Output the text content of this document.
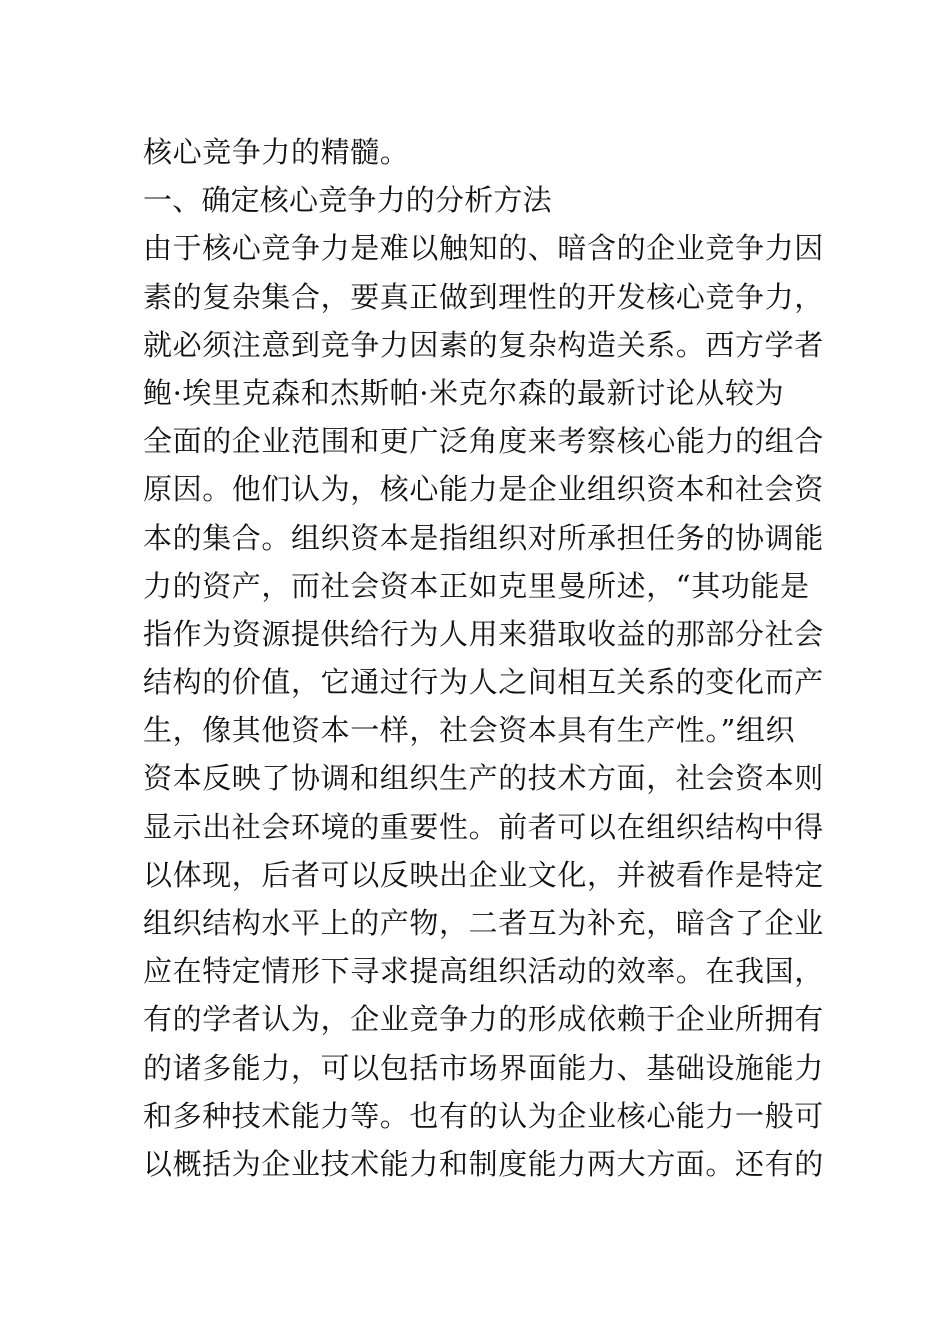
核心竞争力的精髓。
一、确定核心竞争力的分析方法
由于核心竞争力是难以触知的、暗含的企业竞争力因
素的复杂集合，要真正做到理性的开发核心竞争力，
就必须注意到竞争力因素的复杂构造关系。西方学者
鲍·埃里克森和杰斯帕·米克尔森的最新讨论从较为
全面的企业范围和更广泛角度来考察核心能力的组合
原因。他们认为，核心能力是企业组织资本和社会资
本的集合。组织资本是指组织对所承担任务的协调能
力的资产，而社会资本正如克里曼所述，“其功能是
指作为资源提供给行为人用来猎取收益的那部分社会
结构的价值，它通过行为人之间相互关系的变化而产
生，像其他资本一样，社会资本具有生产性。”组织
资本反映了协调和组织生产的技术方面，社会资本则
显示出社会环境的重要性。前者可以在组织结构中得
以体现，后者可以反映出企业文化，并被看作是特定
组织结构水平上的产物，二者互为补充，暗含了企业
应在特定情形下寻求提高组织活动的效率。在我国，
有的学者认为，企业竞争力的形成依赖于企业所拥有
的诸多能力，可以包括市场界面能力、基础设施能力
和多种技术能力等。也有的认为企业核心能力一般可
以概括为企业技术能力和制度能力两大方面。还有的
